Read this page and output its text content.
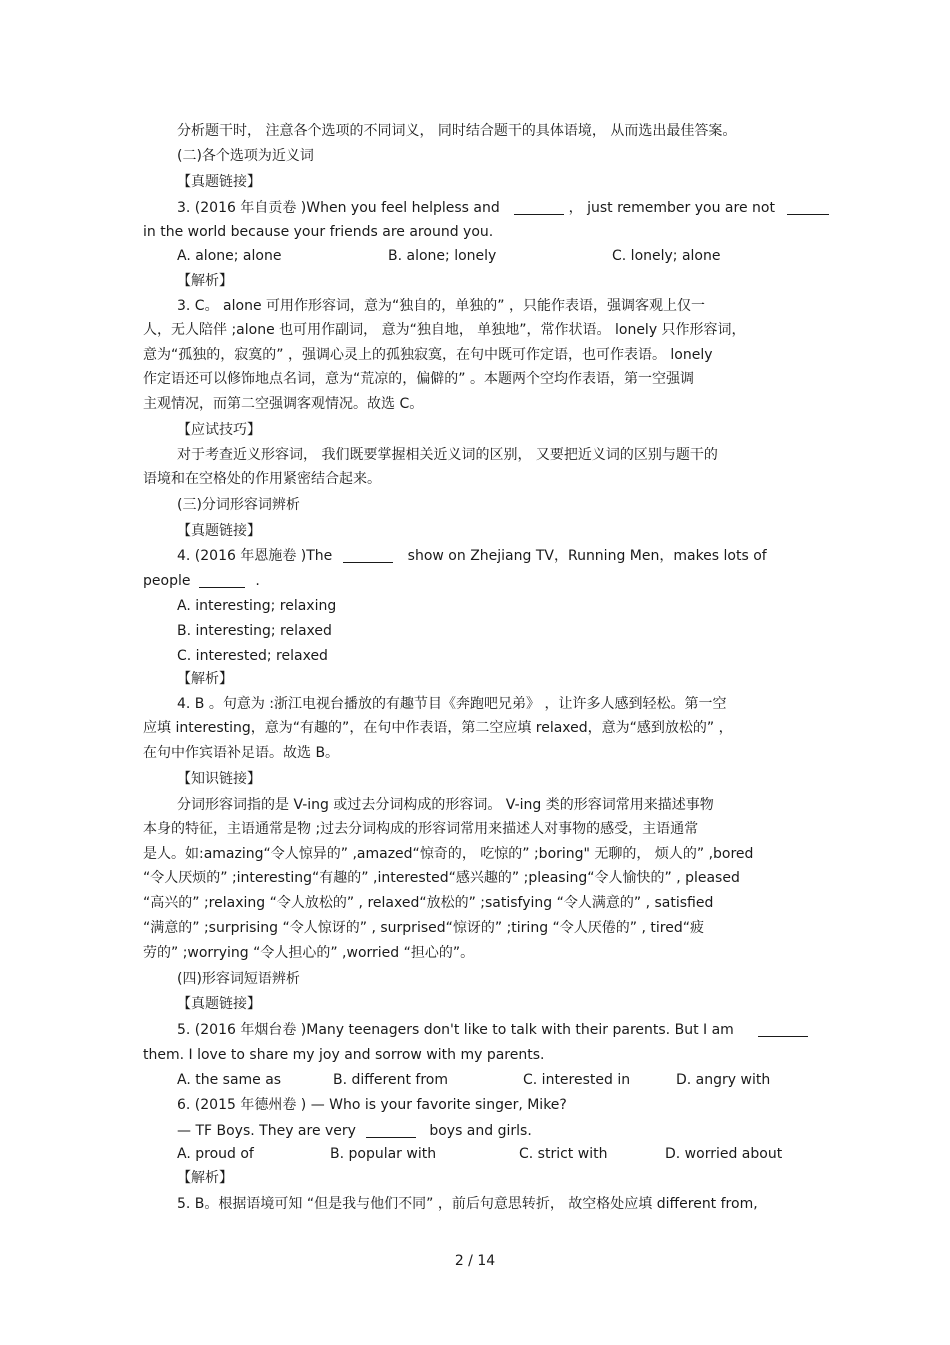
分析题干时， 注意各个选项的不同词义， 同时结合题干的具体语境， 从而选出最佳答案。
(二)各个选项为近义词
【真题链接】
3. (2016 年自贡卷 )When you feel helpless and	， just remember you are not
in the world because your friends are around you.
A. alone; alone	B. alone; lonely	C. lonely; alone
【解析】
3. C。 alone 可用作形容词，意为“独自的，单独的” ，只能作表语，强调客观上仅一
人，无人陪伴 ;alone 也可用作副词， 意为“独自地， 单独地”，常作状语。 lonely 只作形容词，
意为“孤独的，寂寞的” ，强调心灵上的孤独寂寞，在句中既可作定语，也可作表语。 lonely
作定语还可以修饰地点名词，意为“荒凉的，偏僻的” 。本题两个空均作表语，第一空强调
主观情况，而第二空强调客观情况。故选 C。
【应试技巧】
对于考查近义形容词， 我们既要掌握相关近义词的区别， 又要把近义词的区别与题干的
语境和在空格处的作用紧密结合起来。
(三)分词形容词辨析
【真题链接】
4. (2016 年恩施卷 )The	show on Zhejiang TV，Running Men，makes lots of
people	.
A. interesting; relaxing
B. interesting; relaxed
C. interested; relaxed
【解析】
4. B 。句意为 :浙江电视台播放的有趣节目《奔跑吧兄弟》 ，让许多人感到轻松。第一空
应填 interesting，意为“有趣的”，在句中作表语，第二空应填 relaxed，意为“感到放松的” ，
在句中作宾语补足语。故选 B。
【知识链接】
分词形容词指的是 V-ing 或过去分词构成的形容词。 V-ing 类的形容词常用来描述事物
本身的特征，主语通常是物 ;过去分词构成的形容词常用来描述人对事物的感受，主语通常
是人。如:amazing“令人惊异的” ,amazed“惊奇的， 吃惊的” ;boring" 无聊的， 烦人的” ,bored
“令人厌烦的” ;interesting“有趣的” ,interested“感兴趣的” ;pleasing“令人愉快的” , pleased
“高兴的” ;relaxing “令人放松的” , relaxed“放松的” ;satisfying “令人满意的” , satisfied
“满意的” ;surprising “令人惊讶的” , surprised“惊讶的” ;tiring “令人厌倦的” , tired“疲
劳的” ;worrying “令人担心的” ,worried “担心的”。
(四)形容词短语辨析
【真题链接】
5. (2016 年烟台卷 )Many teenagers don't like to talk with their parents. But I am
them. I love to share my joy and sorrow with my parents.
A. the same as	B. different from	C. interested in	D. angry with
6. (2015 年德州卷 ) — Who is your favorite singer, Mike?
— TF Boys. They are very	boys and girls.
A. proud of	B. popular with	C. strict with	D. worried about
【解析】
5. B。根据语境可知 “但是我与他们不同” ，前后句意思转折， 故空格处应填 different from,
2 / 14
